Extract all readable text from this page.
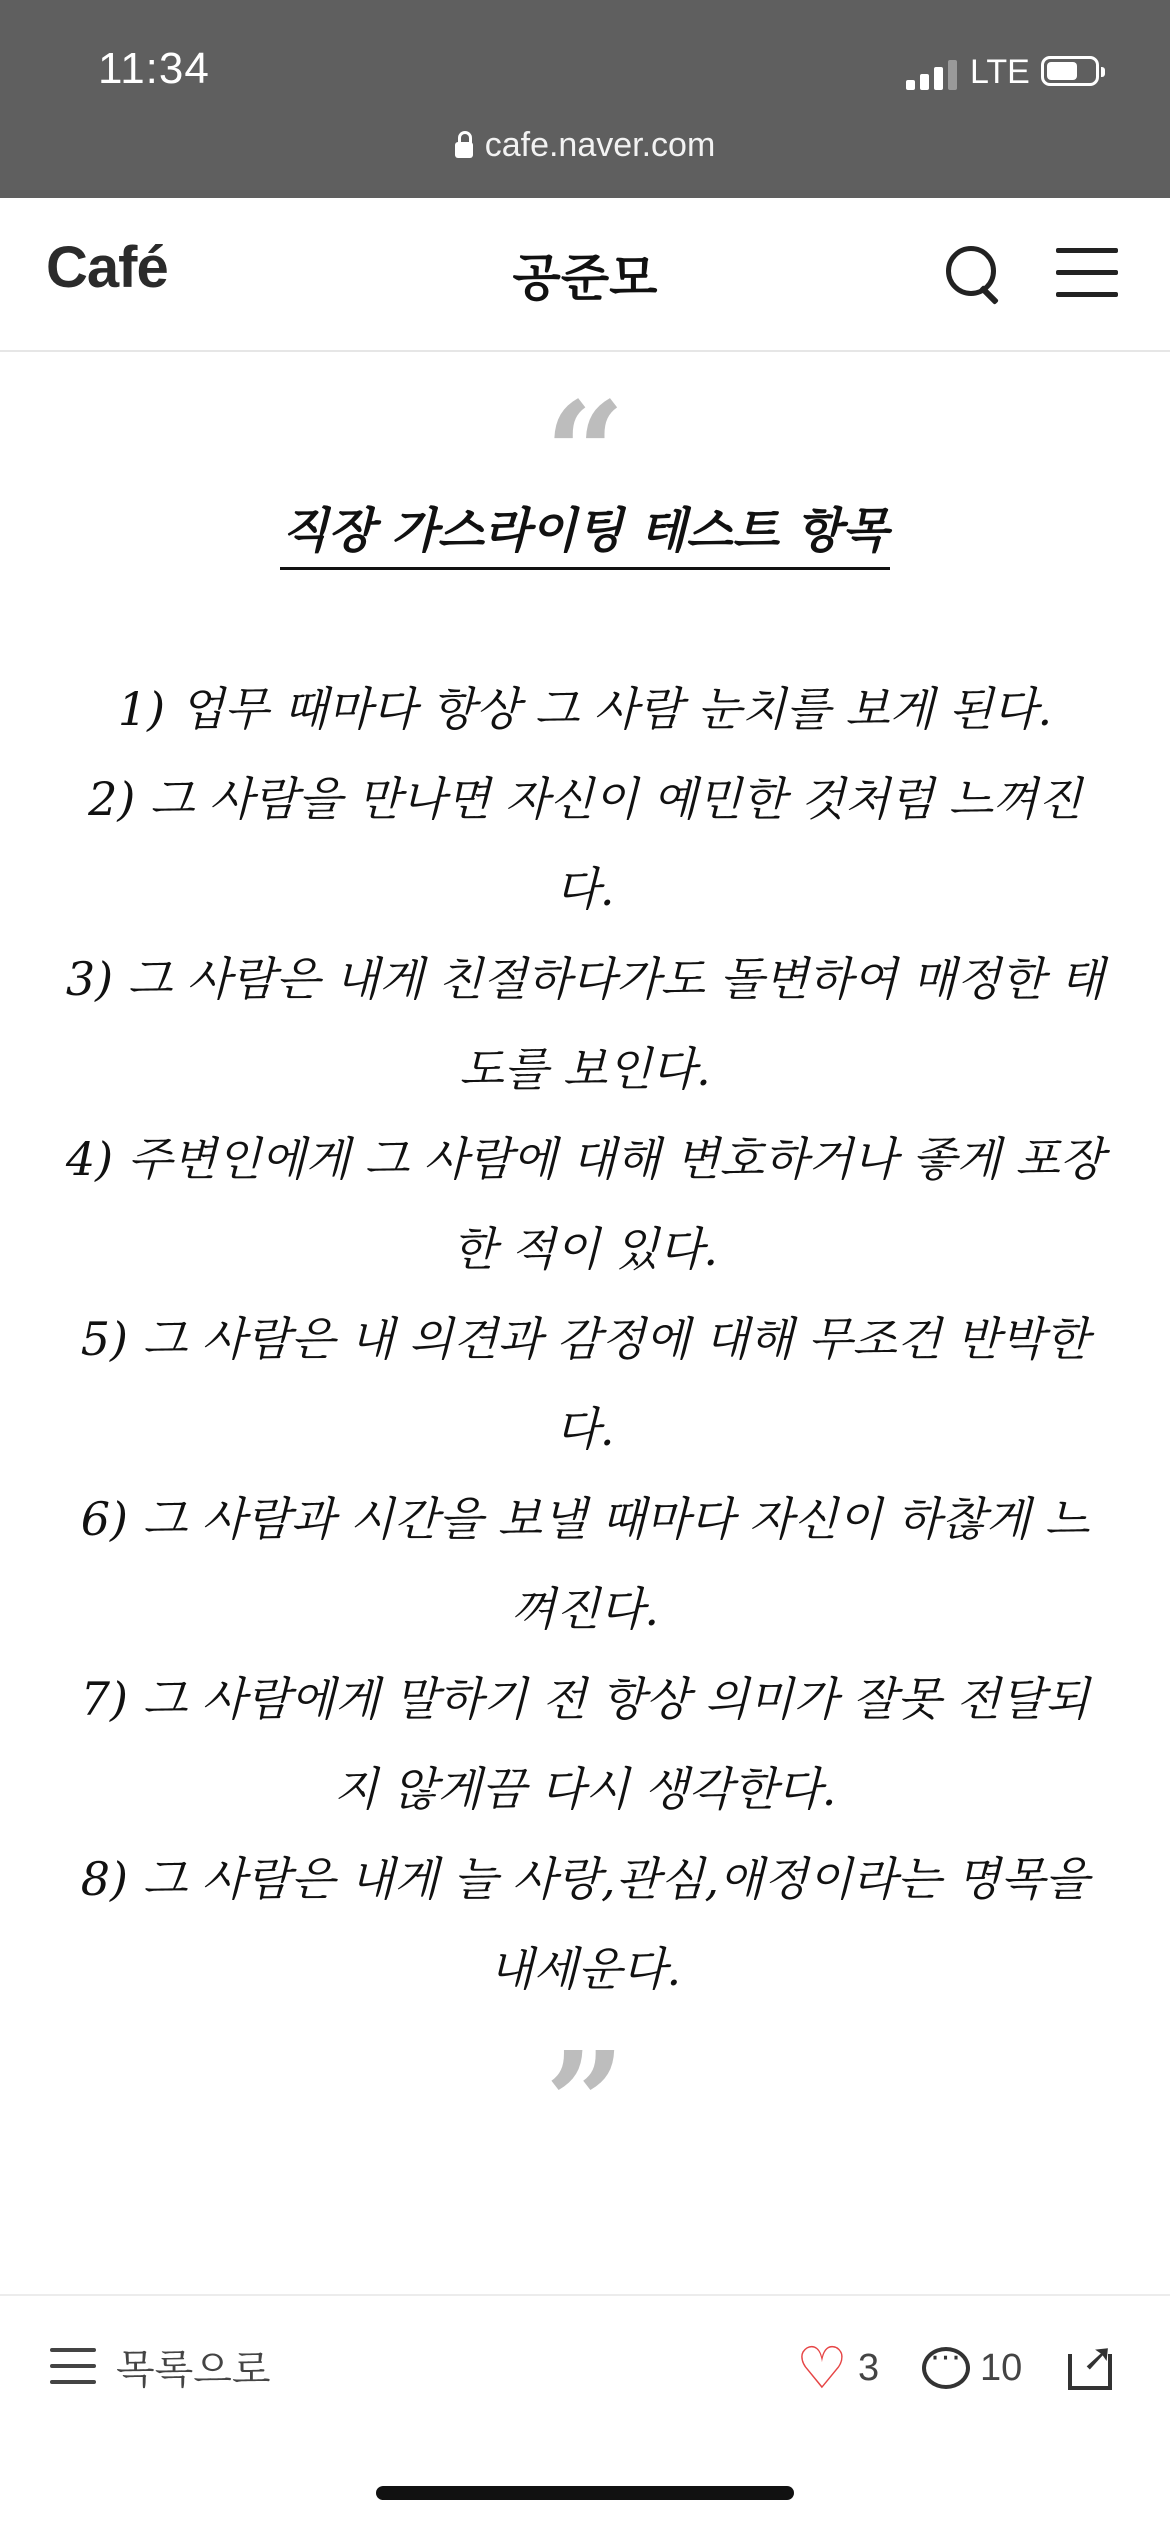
11:34	LTE
cafe.naver.com
Café	공준모
“
직장 가스라이팅 테스트 항목

1) 업무 때마다 항상 그 사람 눈치를 보게 된다.

2) 그 사람을 만나면 자신이 예민한 것처럼 느껴진

다.

3) 그 사람은 내게 친절하다가도 돌변하여 매정한 태

도를 보인다.

4) 주변인에게 그 사람에 대해 변호하거나 좋게 포장

한 적이 있다.

5) 그 사람은 내 의견과 감정에 대해 무조건 반박한

다.

6) 그 사람과 시간을 보낼 때마다 자신이 하찮게 느

껴진다.

7) 그 사람에게 말하기 전 항상 의미가 잘못 전달되

지 않게끔 다시 생각한다.

8) 그 사람은 내게 늘 사랑,관심,애정이라는 명목을

내세운다.

”
목록으로	♡ 3
···	10 ➚
